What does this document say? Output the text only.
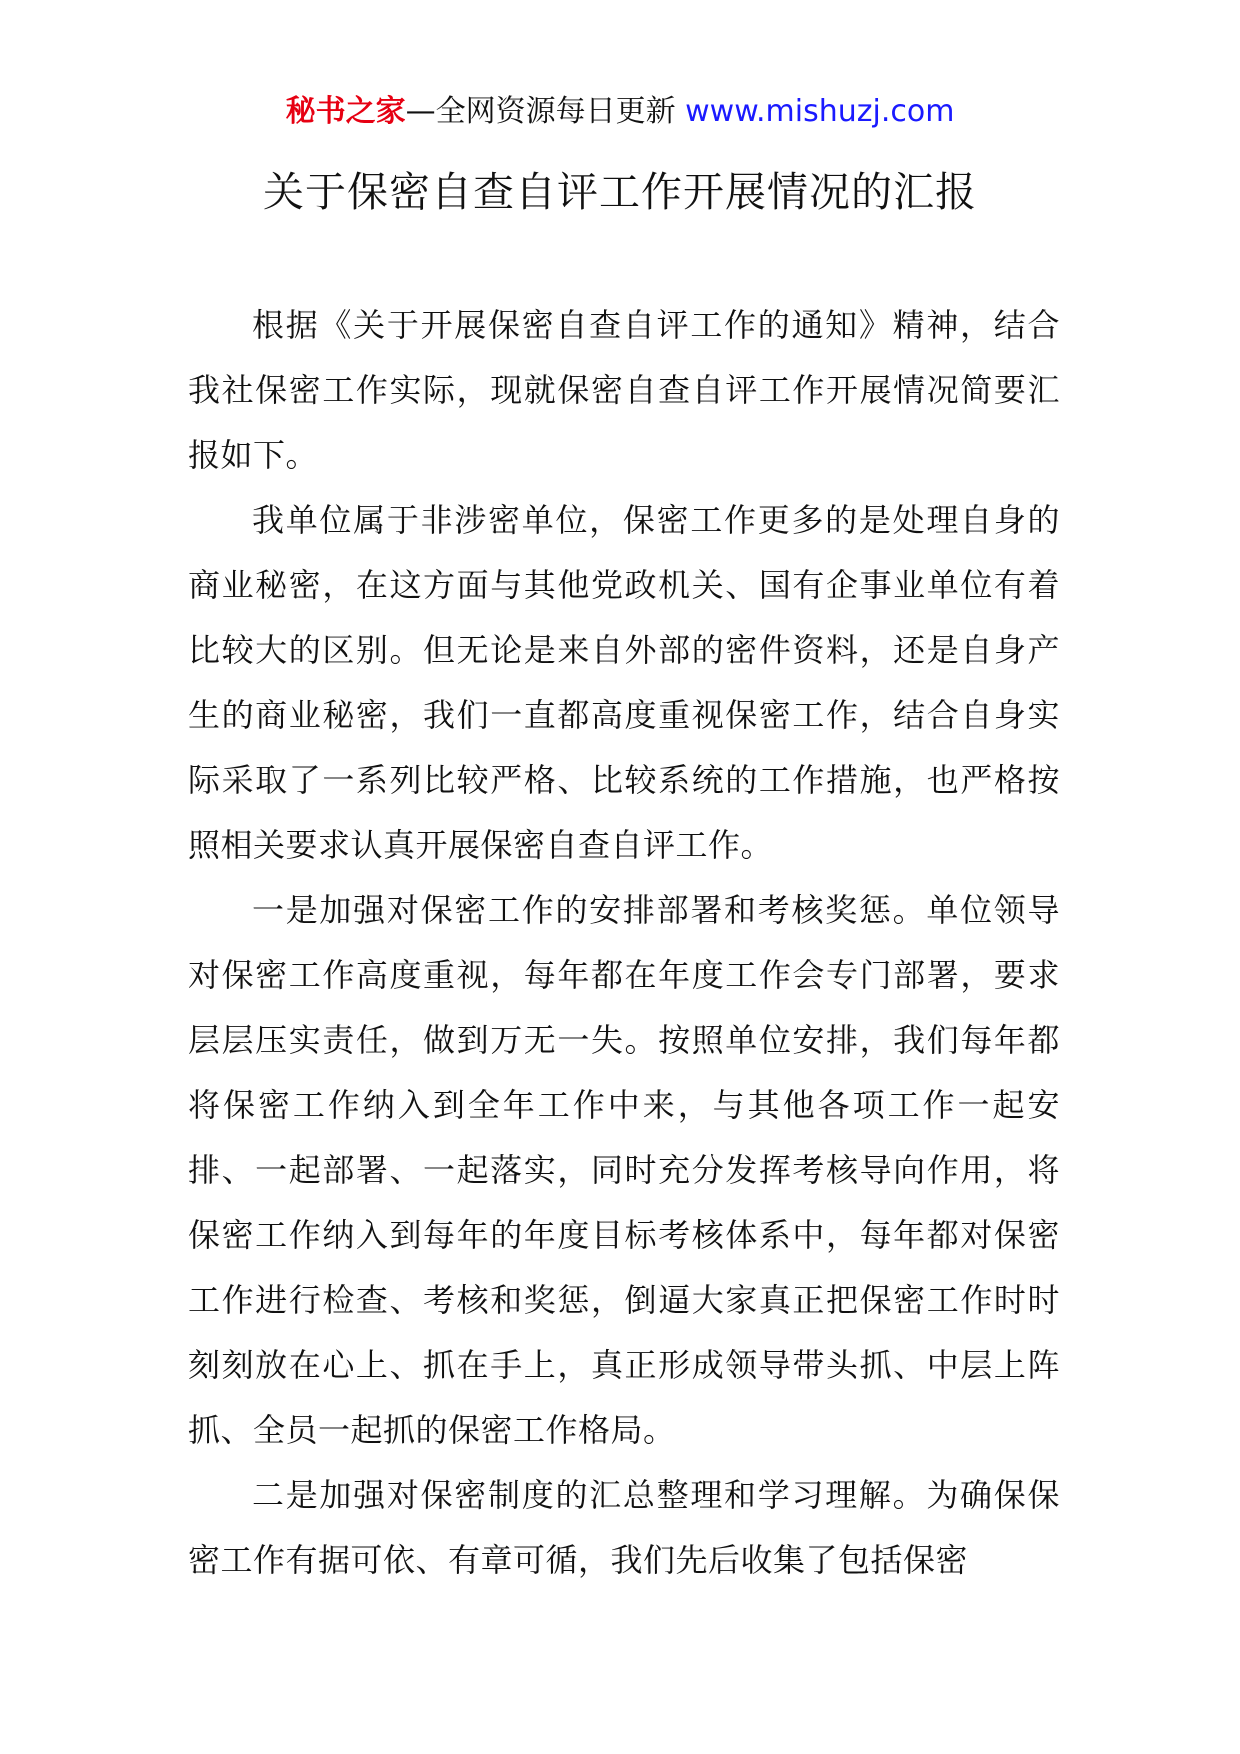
秘书之家—全网资源每日更新 www.mishuzj.com
关于保密自查自评工作开展情况的汇报

根据《关于开展保密自查自评工作的通知》精神，结合我社保密工作实际，现就保密自查自评工作开展情况简要汇报如下。

我单位属于非涉密单位，保密工作更多的是处理自身的商业秘密，在这方面与其他党政机关、国有企事业单位有着比较大的区别。但无论是来自外部的密件资料，还是自身产生的商业秘密，我们一直都高度重视保密工作，结合自身实际采取了一系列比较严格、比较系统的工作措施，也严格按照相关要求认真开展保密自查自评工作。

一是加强对保密工作的安排部署和考核奖惩。单位领导对保密工作高度重视，每年都在年度工作会专门部署，要求层层压实责任，做到万无一失。按照单位安排，我们每年都将保密工作纳入到全年工作中来，与其他各项工作一起安排、一起部署、一起落实，同时充分发挥考核导向作用，将保密工作纳入到每年的年度目标考核体系中，每年都对保密工作进行检查、考核和奖惩，倒逼大家真正把保密工作时时刻刻放在心上、抓在手上，真正形成领导带头抓、中层上阵抓、全员一起抓的保密工作格局。

二是加强对保密制度的汇总整理和学习理解。为确保保密工作有据可依、有章可循，我们先后收集了包括保密
